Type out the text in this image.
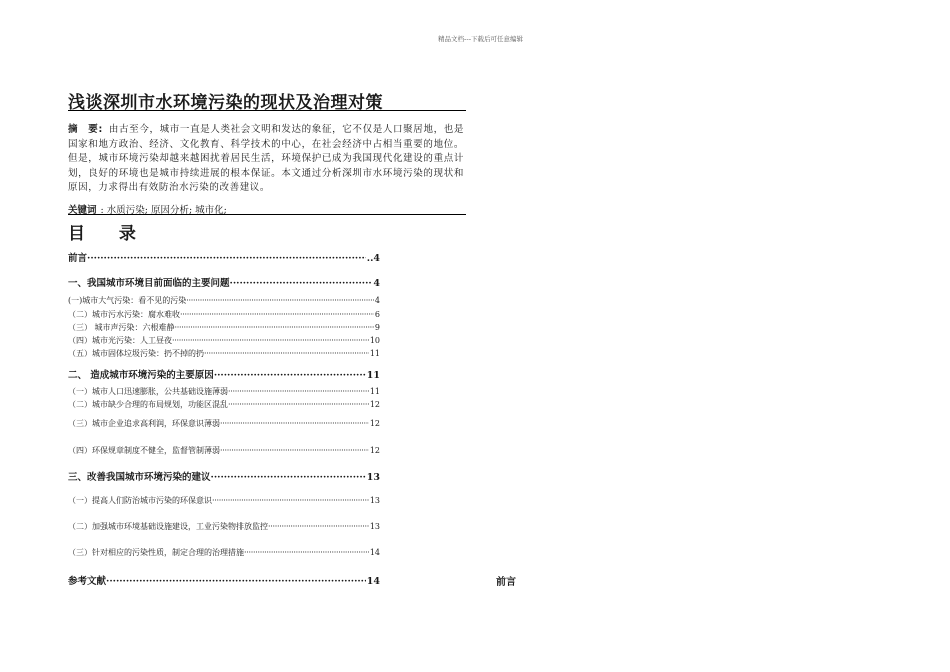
精品文档---下载后可任意编辑
浅谈深圳市水环境污染的现状及治理对策
摘　要: 由古至今，城市一直是人类社会文明和发达的象征，它不仅是人口聚居地，也是国家和地方政治、经济、文化教育、科学技术的中心，在社会经济中占相当重要的地位。但是，城市环境污染却越来越困扰着居民生活，环境保护已成为我国现代化建设的重点计划，良好的环境也是城市持续进展的根本保证。本文通过分析深圳市水环境污染的现状和原因，力求得出有效防治水污染的改善建议。
关键词 : 水质污染; 原因分析; 城市化;
目 录
前言 ·····	..4
一、我国城市环境目前面临的主要问题 ·····	4
(一)城市大气污染：看不见的污染 ·····	4
（二）城市污水污染：腐水难收 ·····	6
（三） 城市声污染：六根难静 ·····	9
（四）城市光污染：人工昼夜 ·····	10
（五）城市固体垃圾污染：扔不掉的扔 ·····	11
二、 造成城市环境污染的主要原因 ·····	11
（一）城市人口迅速膨胀，公共基础设施薄弱 ·····	11
（二）城市缺少合理的布局规划，功能区混乱 ·····	12
（三）城市企业追求高利润，环保意识薄弱 ·····	12
（四）环保规章制度不健全，监督管制薄弱 ·····	12
三、改善我国城市环境污染的建议 ·····	13
（一）提高人们防治城市污染的环保意识 ·····	13
（二）加强城市环境基础设施建设，工业污染物排放监控 ·····	13
（三）针对相应的污染性质，制定合理的治理措施 ·····	14
参考文献 ·····	14	前言
